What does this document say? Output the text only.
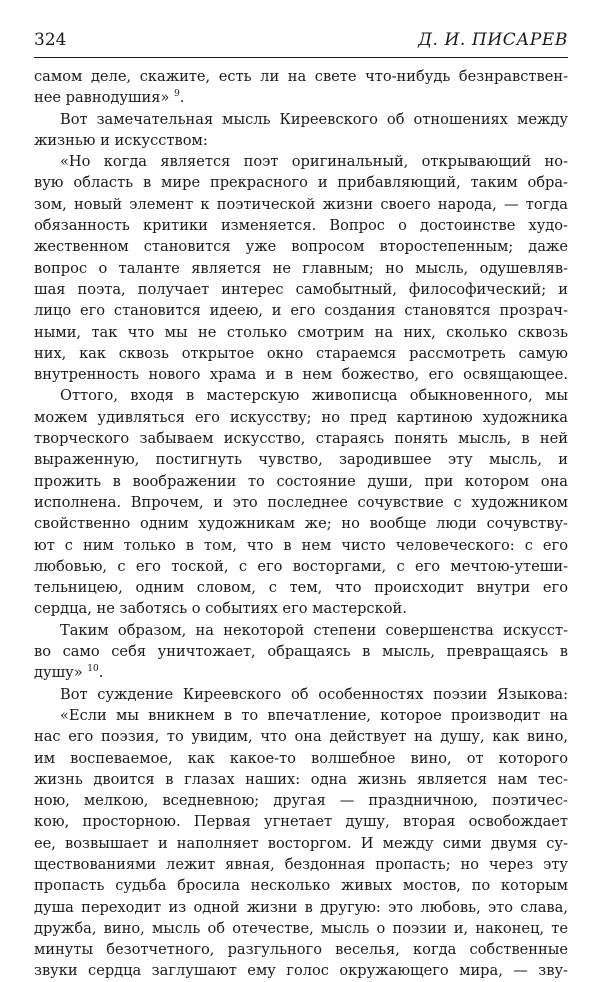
324	Д. И. ПИСАРЕВ
самом деле, скажите, есть ли на свете что-нибудь безнравствен-
нее равнодушия» $^9$.
Вот замечательная мысль Киреевского об отношениях между
жизнью и искусством:
«Но когда является поэт оригинальный, открывающий но-
вую область в мире прекрасного и прибавляющий, таким обра-
зом, новый элемент к поэтической жизни своего народа, — тогда
обязанность критики изменяется. Вопрос о достоинстве худо-
жественном становится уже вопросом второстепенным; даже
вопрос о таланте является не главным; но мысль, одушевляв-
шая поэта, получает интерес самобытный, философический; и
лицо его становится идеею, и его создания становятся прозрач-
ными, так что мы не столько смотрим на них, сколько сквозь
них, как сквозь открытое окно стараемся рассмотреть самую
внутренность нового храма и в нем божество, его освящающее.
Оттого, входя в мастерскую живописца обыкновенного, мы
можем удивляться его искусству; но пред картиною художника
творческого забываем искусство, стараясь понять мысль, в ней
выраженную, постигнуть чувство, зародившее эту мысль, и
прожить в воображении то состояние души, при котором она
исполнена. Впрочем, и это последнее сочувствие с художником
свойственно одним художникам же; но вообще люди сочувству-
ют с ним только в том, что в нем чисто человеческого: с его
любовью, с его тоской, с его восторгами, с его мечтою-утеши-
тельницею, одним словом, с тем, что происходит внутри его
сердца, не заботясь о событиях его мастерской.
Таким образом, на некоторой степени совершенства искусст-
во само себя уничтожает, обращаясь в мысль, превращаясь в
душу» $^{10}$.
Вот суждение Киреевского об особенностях поэзии Языкова:
«Если мы вникнем в то впечатление, которое производит на
нас его поэзия, то увидим, что она действует на душу, как вино,
им воспеваемое, как какое-то волшебное вино, от которого
жизнь двоится в глазах наших: одна жизнь является нам тес-
ною, мелкою, вседневною; другая — праздничною, поэтичес-
кою, просторною. Первая угнетает душу, вторая освобождает
ее, возвышает и наполняет восторгом. И между сими двумя су-
ществованиями лежит явная, бездонная пропасть; но через эту
пропасть судьба бросила несколько живых мостов, по которым
душа переходит из одной жизни в другую: это любовь, это слава,
дружба, вино, мысль об отечестве, мысль о поэзии и, наконец, те
минуты безотчетного, разгульного веселья, когда собственные
звуки сердца заглушают ему голос окружающего мира, — зву-
